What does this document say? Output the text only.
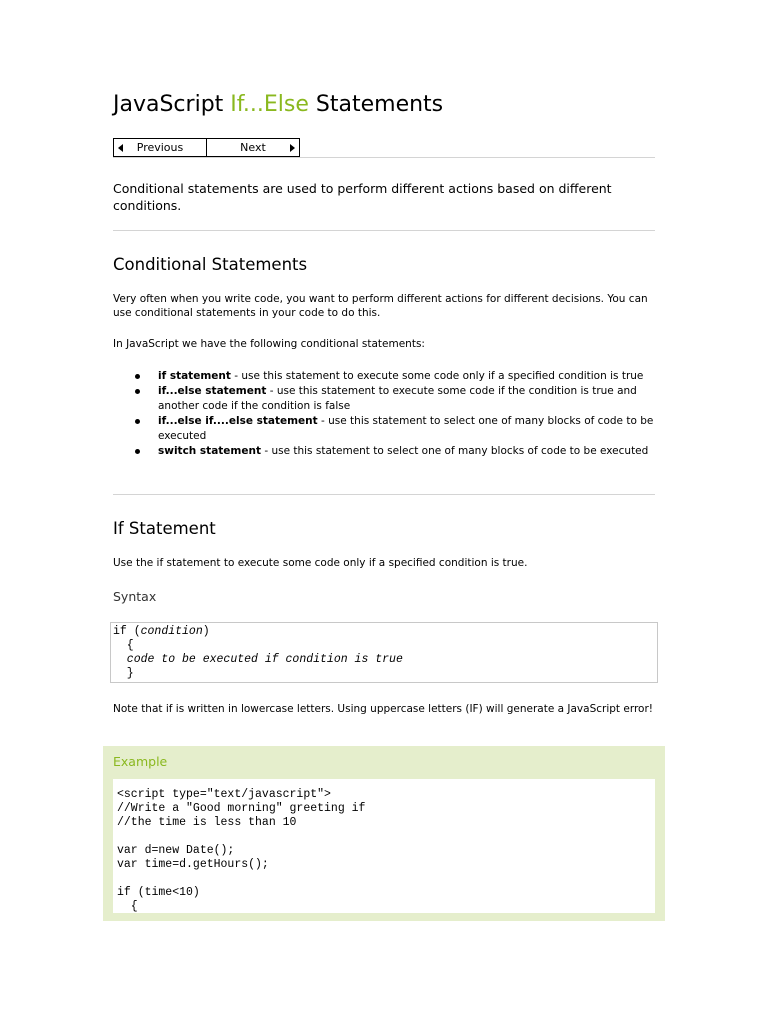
JavaScript If...Else Statements
Previous	Next

Conditional statements are used to perform different actions based on different conditions.

Conditional Statements

Very often when you write code, you want to perform different actions for different decisions. You can use conditional statements in your code to do this.

In JavaScript we have the following conditional statements:

if statement - use this statement to execute some code only if a specified condition is true
if...else statement - use this statement to execute some code if the condition is true and another code if the condition is false
if...else if....else statement - use this statement to select one of many blocks of code to be executed
switch statement - use this statement to select one of many blocks of code to be executed
If Statement

Use the if statement to execute some code only if a specified condition is true.

Syntax

if (condition)
{
code to be executed if condition is true
}

Note that if is written in lowercase letters. Using uppercase letters (IF) will generate a JavaScript error!

Example

<script type="text/javascript">
//Write a "Good morning" greeting if
//the time is less than 10

var d=new Date();
var time=d.getHours();

if (time<10)
{
